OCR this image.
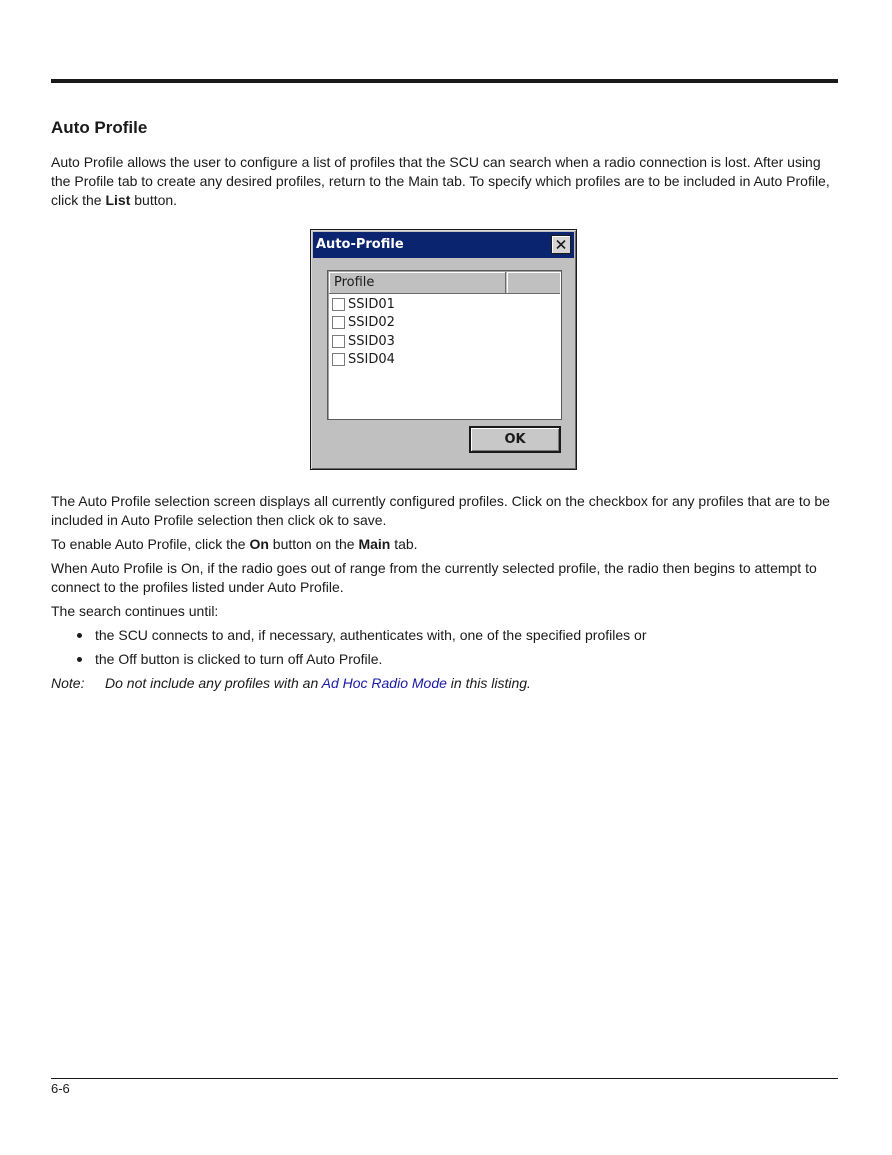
Auto Profile

Auto Profile allows the user to configure a list of profiles that the SCU can search when a radio connection is lost. After using the Profile tab to create any desired profiles, return to the Main tab. To specify which profiles are to be included in Auto Profile, click the List button.

Auto-Profile
Profile
SSID01
SSID02
SSID03
SSID04
OK

The Auto Profile selection screen displays all currently configured profiles. Click on the checkbox for any profiles that are to be included in Auto Profile selection then click ok to save.

To enable Auto Profile, click the On button on the Main tab.

When Auto Profile is On, if the radio goes out of range from the currently selected profile, the radio then begins to attempt to connect to the profiles listed under Auto Profile.

The search continues until:

the SCU connects to and, if necessary, authenticates with, one of the specified profiles or
the Off button is clicked to turn off Auto Profile.
Note: Do not include any profiles with an Ad Hoc Radio Mode in this listing.
6-6
